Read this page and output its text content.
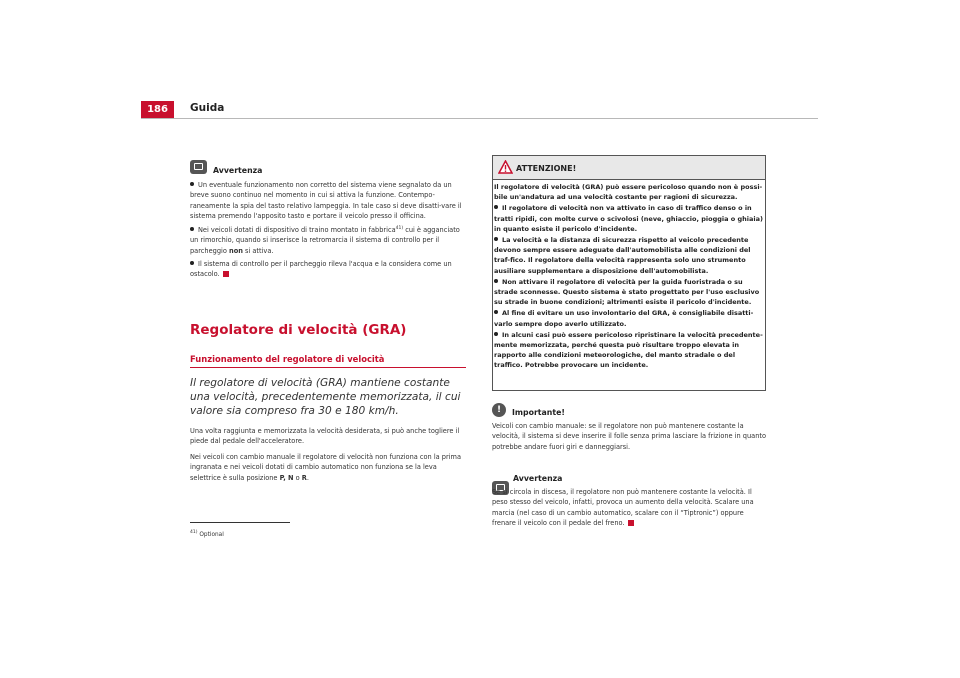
186	Guida
Avvertenza
Un eventuale funzionamento non corretto del sistema viene segnalato da un breve suono continuo nel momento in cui si attiva la funzione. Contempo-raneamente la spia del tasto relativo lampeggia. In tale caso si deve disatti-vare il sistema premendo l'apposito tasto e portare il veicolo presso il officina.
Nei veicoli dotati di dispositivo di traino montato in fabbrica$^{41)}$ cui è agganciato un rimorchio, quando si inserisce la retromarcia il sistema di controllo per il parcheggio non si attiva.
Il sistema di controllo per il parcheggio rileva l'acqua e la considera come un ostacolo.
Regolatore di velocità (GRA)
Funzionamento del regolatore di velocità
Il regolatore di velocità (GRA) mantiene costante una velocità, precedentemente memorizzata, il cui valore sia compreso fra 30 e 180 km/h.
Una volta raggiunta e memorizzata la velocità desiderata, si può anche togliere il piede dal pedale dell'acceleratore.
Nei veicoli con cambio manuale il regolatore di velocità non funziona con la prima ingranata e nei veicoli dotati di cambio automatico non funziona se la leva selettrice è sulla posizione P, N o R.
$^{41)}$ Optional
ATTENZIONE!
Il regolatore di velocità (GRA) può essere pericoloso quando non è possi-bile un'andatura ad una velocità costante per ragioni di sicurezza.
Il regolatore di velocità non va attivato in caso di traffico denso o in tratti ripidi, con molte curve o scivolosi (neve, ghiaccio, pioggia o ghiaia) in quanto esiste il pericolo d'incidente.
La velocità e la distanza di sicurezza rispetto al veicolo precedente devono sempre essere adeguate dall'automobilista alle condizioni del traf-fico. Il regolatore della velocità rappresenta solo uno strumento ausiliare supplementare a disposizione dell'automobilista.
Non attivare il regolatore di velocità per la guida fuoristrada o su strade sconnesse. Questo sistema è stato progettato per l'uso esclusivo su strade in buone condizioni; altrimenti esiste il pericolo d'incidente.
Al fine di evitare un uso involontario del GRA, è consigliabile disatti-varlo sempre dopo averlo utilizzato.
In alcuni casi può essere pericoloso ripristinare la velocità precedente-mente memorizzata, perché questa può risultare troppo elevata in rapporto alle condizioni meteorologiche, del manto stradale o del traffico. Potrebbe provocare un incidente.
!	Importante!
Veicoli con cambio manuale: se il regolatore non può mantenere costante la velocità, il sistema si deve inserire il folle senza prima lasciare la frizione in quanto potrebbe andare fuori giri e danneggiarsi.
Avvertenza
Se si circola in discesa, il regolatore non può mantenere costante la velocità. Il peso stesso del veicolo, infatti, provoca un aumento della velocità. Scalare una marcia (nel caso di un cambio automatico, scalare con il “Tiptronic”) oppure frenare il veicolo con il pedale del freno.
